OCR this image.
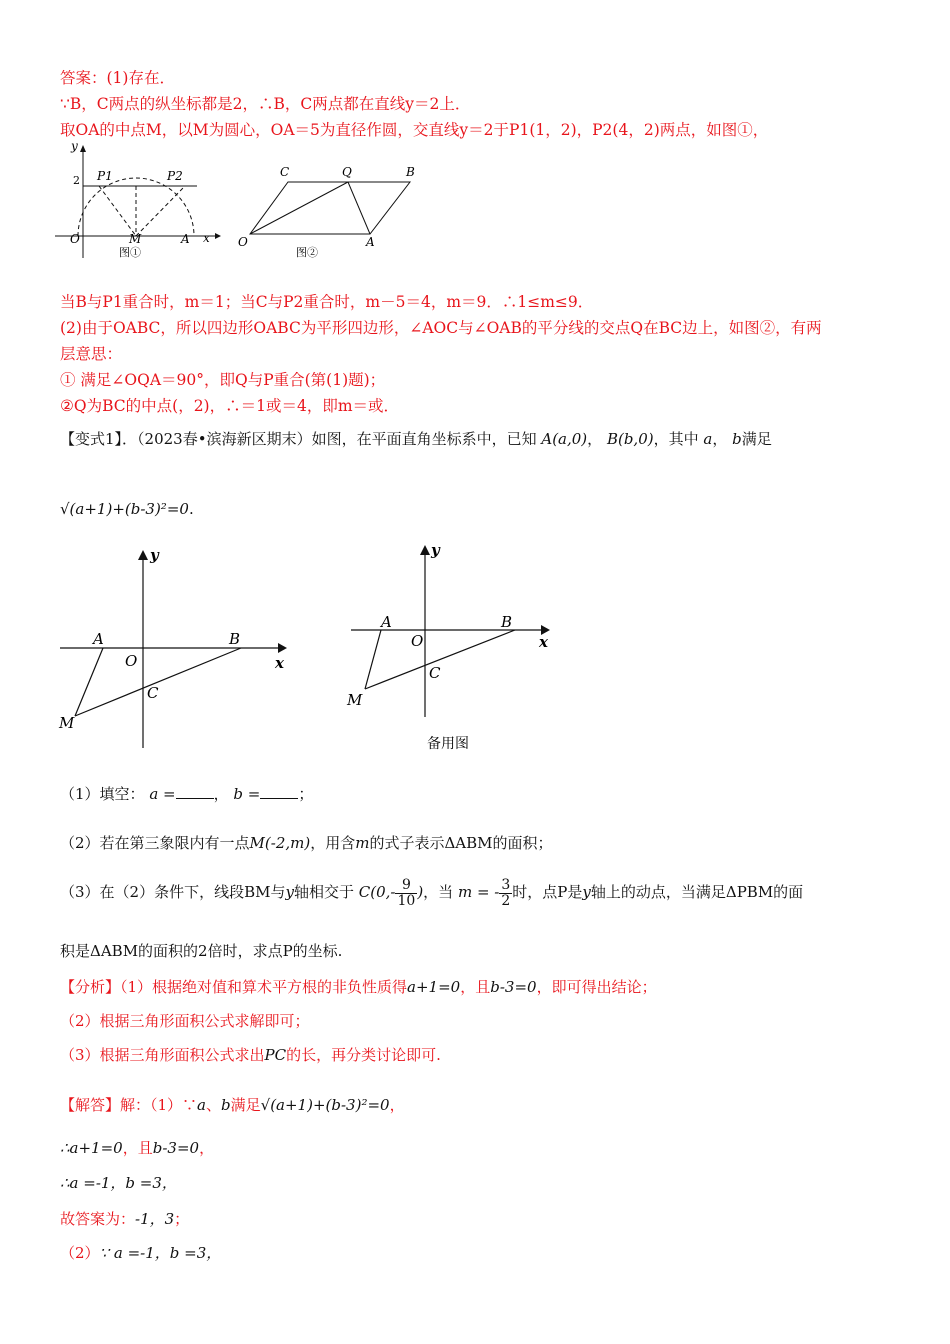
答案：(1)存在．
∵B，C两点的纵坐标都是2，∴B，C两点都在直线y＝2上．
取OA的中点M，以M为圆心，OA＝5为直径作圆，交直线y＝2于P1(1，2)，P2(4，2)两点，如图①，
y
2 P1	P2
O	M	A x
图①
C	Q	B
O	A
图②
当B与P1重合时，m＝1；当C与P2重合时，m－5＝4，m＝9．∴1≤m≤9．
(2)由于OABC，所以四边形OABC为平形四边形，∠AOC与∠OAB的平分线的交点Q在BC边上，如图②，有两
层意思：
① 满足∠OQA＝90°，即Q与P重合(第(1)题)；
②Q为BC的中点(，2)，∴＝1或＝4，即m＝或．
【变式1】．（2023春•滨海新区期末）如图，在平面直角坐标系中，已知 A(a,0)， B(b,0)，其中 a， b满足
√(a+1)+(b-3)²=0.
y
A	B
O	x
C
M
y
A
O
B
x
C
M
备用图
（1）填空： a =	， b =	；
（2）若在第三象限内有一点M(-2,m)，用含m的式子表示ΔABM的面积；
（3）在（2）条件下，线段BM与y轴相交于 $C(0,- \frac{9}{10}$ )，当 m = - $\frac{3}{2}$ 时，点P是y轴上的动点，当满足ΔPBM的面
积是ΔABM的面积的2倍时，求点P的坐标.
【分析】（1）根据绝对值和算术平方根的非负性质得a+1=0，且b-3=0，即可得出结论；
（2）根据三角形面积公式求解即可；
（3）根据三角形面积公式求出PC的长，再分类讨论即可.
【解答】解：（1）∵a、b满足√(a+1)+(b-3)²=0，
∴a+1=0，且b-3=0，
∴a =-1，b =3，
故答案为：-1，3；
（2）∵ a =-1，b =3，
